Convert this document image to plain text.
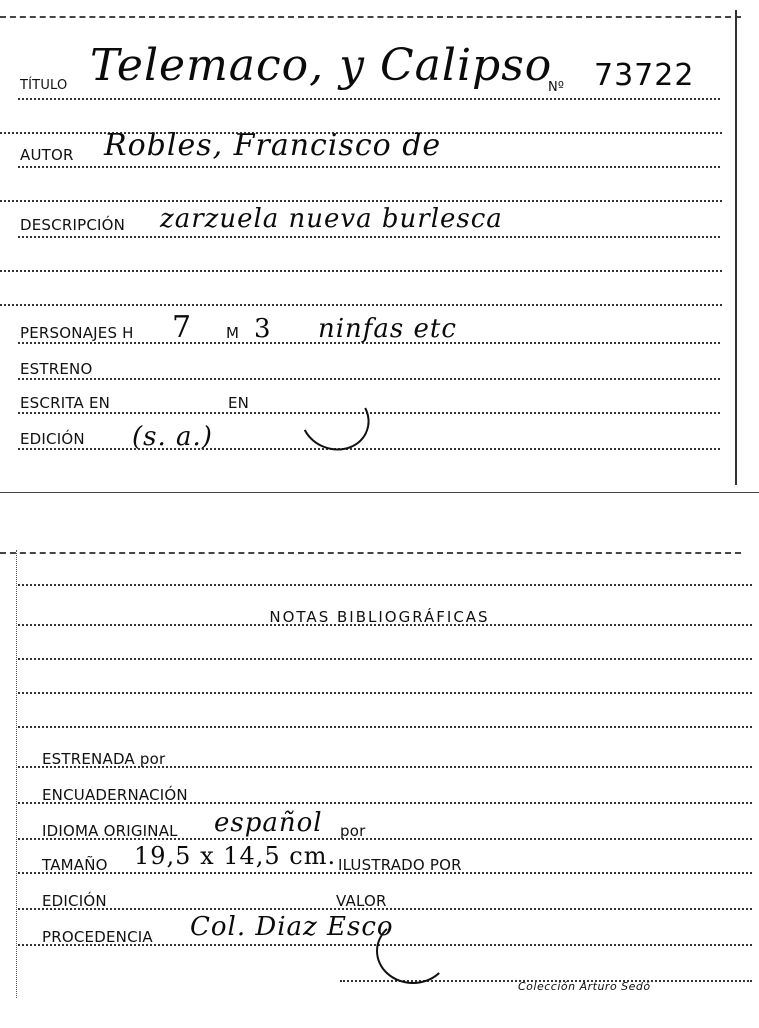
TÍTULO Telemaco, y Calipso
Nº 73722
AUTOR Robles, Francisco de
DESCRIPCIÓN zarzuela nueva burlesca
PERSONAJES H 7 M 3 ninfas etc
ESTRENO
ESCRITA EN	EN
EDICIÓN (s. a.)
NOTAS BIBLIOGRÁFICAS
ESTRENADA por
ENCUADERNACIÓN
IDIOMA ORIGINAL español por
TAMAÑO 19,5 x 14,5 cm. ILUSTRADO POR
EDICIÓN	VALOR
PROCEDENCIA Col. Diaz Esco
Colección Arturo Sedó
